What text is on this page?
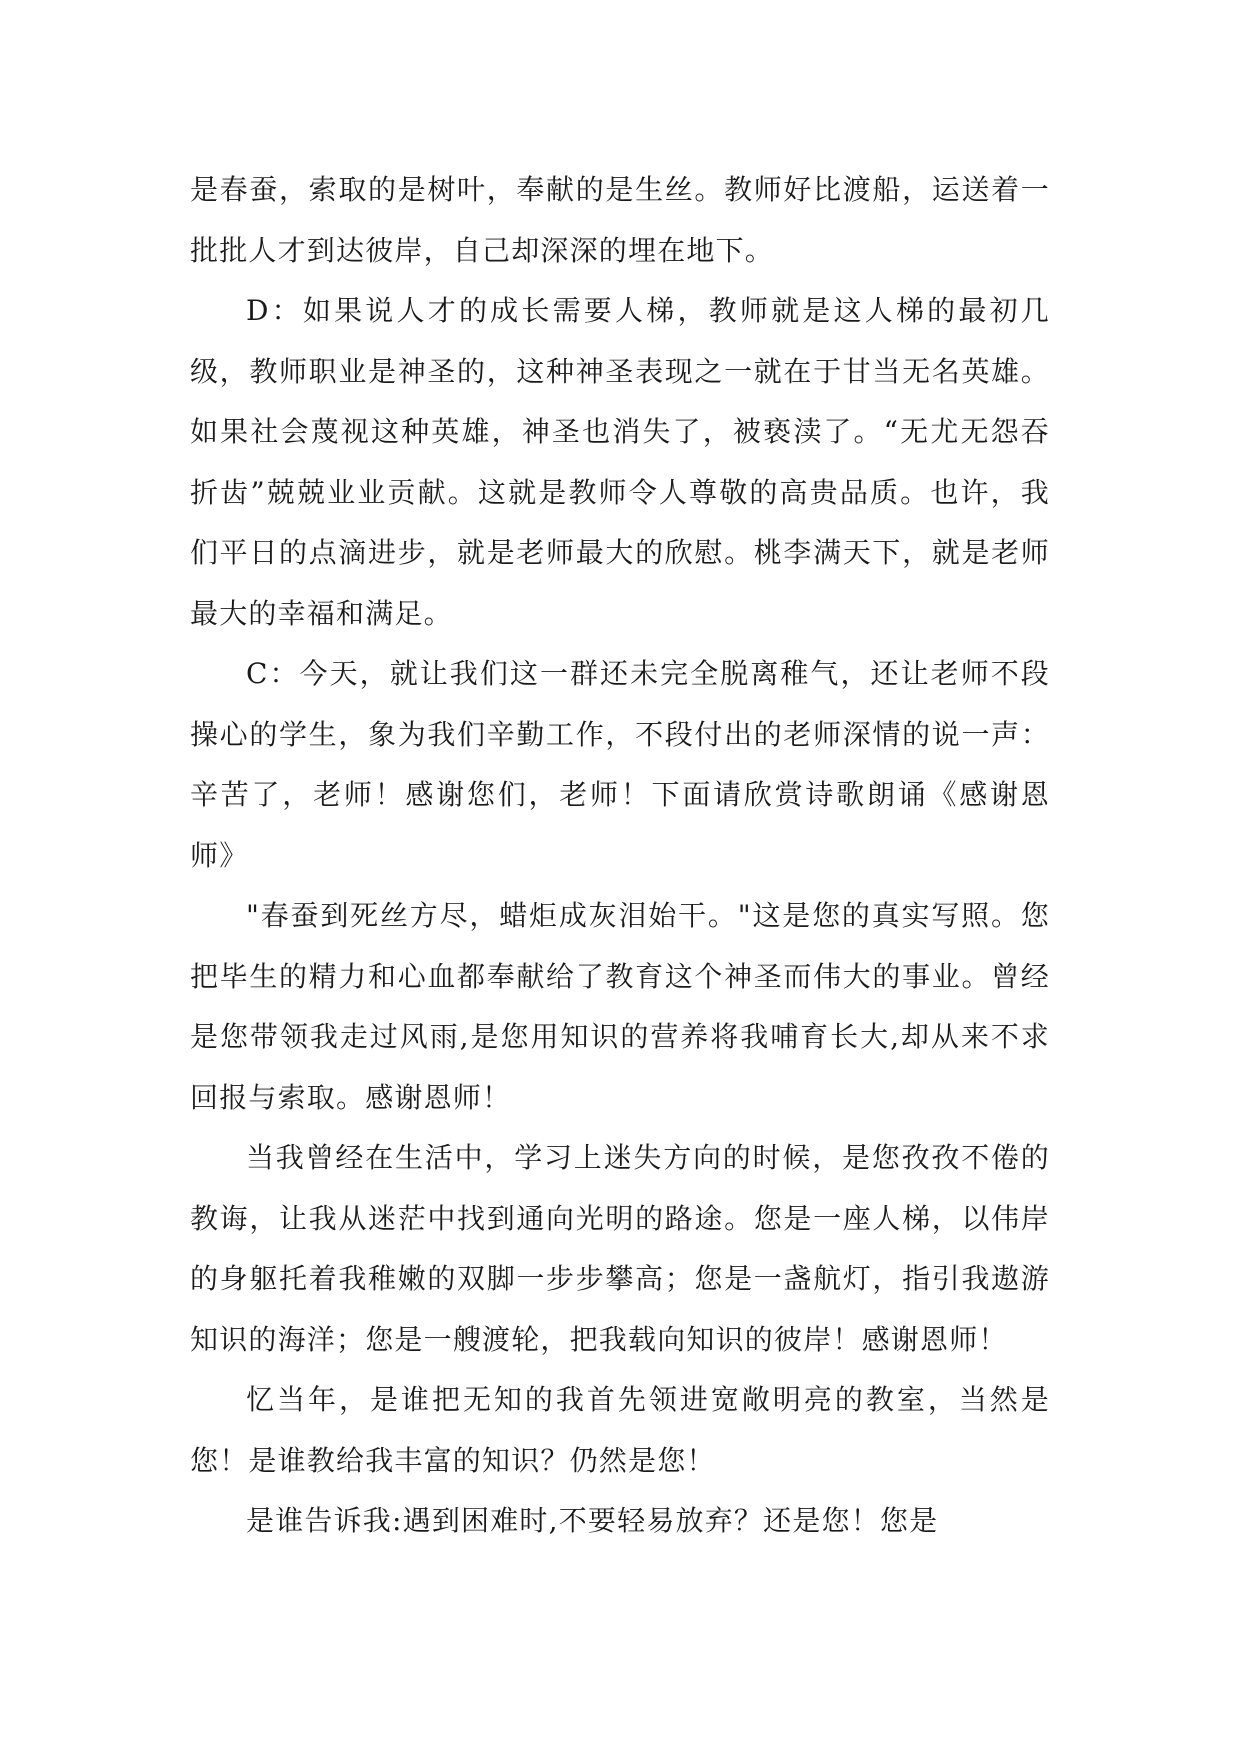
是春蚕，索取的是树叶，奉献的是生丝。教师好比渡船，运送着一批批人才到达彼岸，自己却深深的埋在地下。

D：如果说人才的成长需要人梯，教师就是这人梯的最初几级，教师职业是神圣的，这种神圣表现之一就在于甘当无名英雄。如果社会蔑视这种英雄，神圣也消失了，被亵渎了。“无尤无怨吞折齿”兢兢业业贡献。这就是教师令人尊敬的高贵品质。也许，我们平日的点滴进步，就是老师最大的欣慰。桃李满天下，就是老师最大的幸福和满足。

C：今天，就让我们这一群还未完全脱离稚气，还让老师不段操心的学生，象为我们辛勤工作，不段付出的老师深情的说一声：辛苦了，老师！感谢您们，老师！下面请欣赏诗歌朗诵《感谢恩师》

"春蚕到死丝方尽，蜡炬成灰泪始干。"这是您的真实写照。您把毕生的精力和心血都奉献给了教育这个神圣而伟大的事业。曾经是您带领我走过风雨,是您用知识的营养将我哺育长大,却从来不求回报与索取。感谢恩师！

当我曾经在生活中，学习上迷失方向的时候，是您孜孜不倦的教诲，让我从迷茫中找到通向光明的路途。您是一座人梯，以伟岸的身躯托着我稚嫩的双脚一步步攀高；您是一盏航灯，指引我遨游知识的海洋；您是一艘渡轮，把我载向知识的彼岸！感谢恩师！

忆当年，是谁把无知的我首先领进宽敞明亮的教室，当然是您！是谁教给我丰富的知识？仍然是您！

是谁告诉我:遇到困难时,不要轻易放弃？还是您！您是
